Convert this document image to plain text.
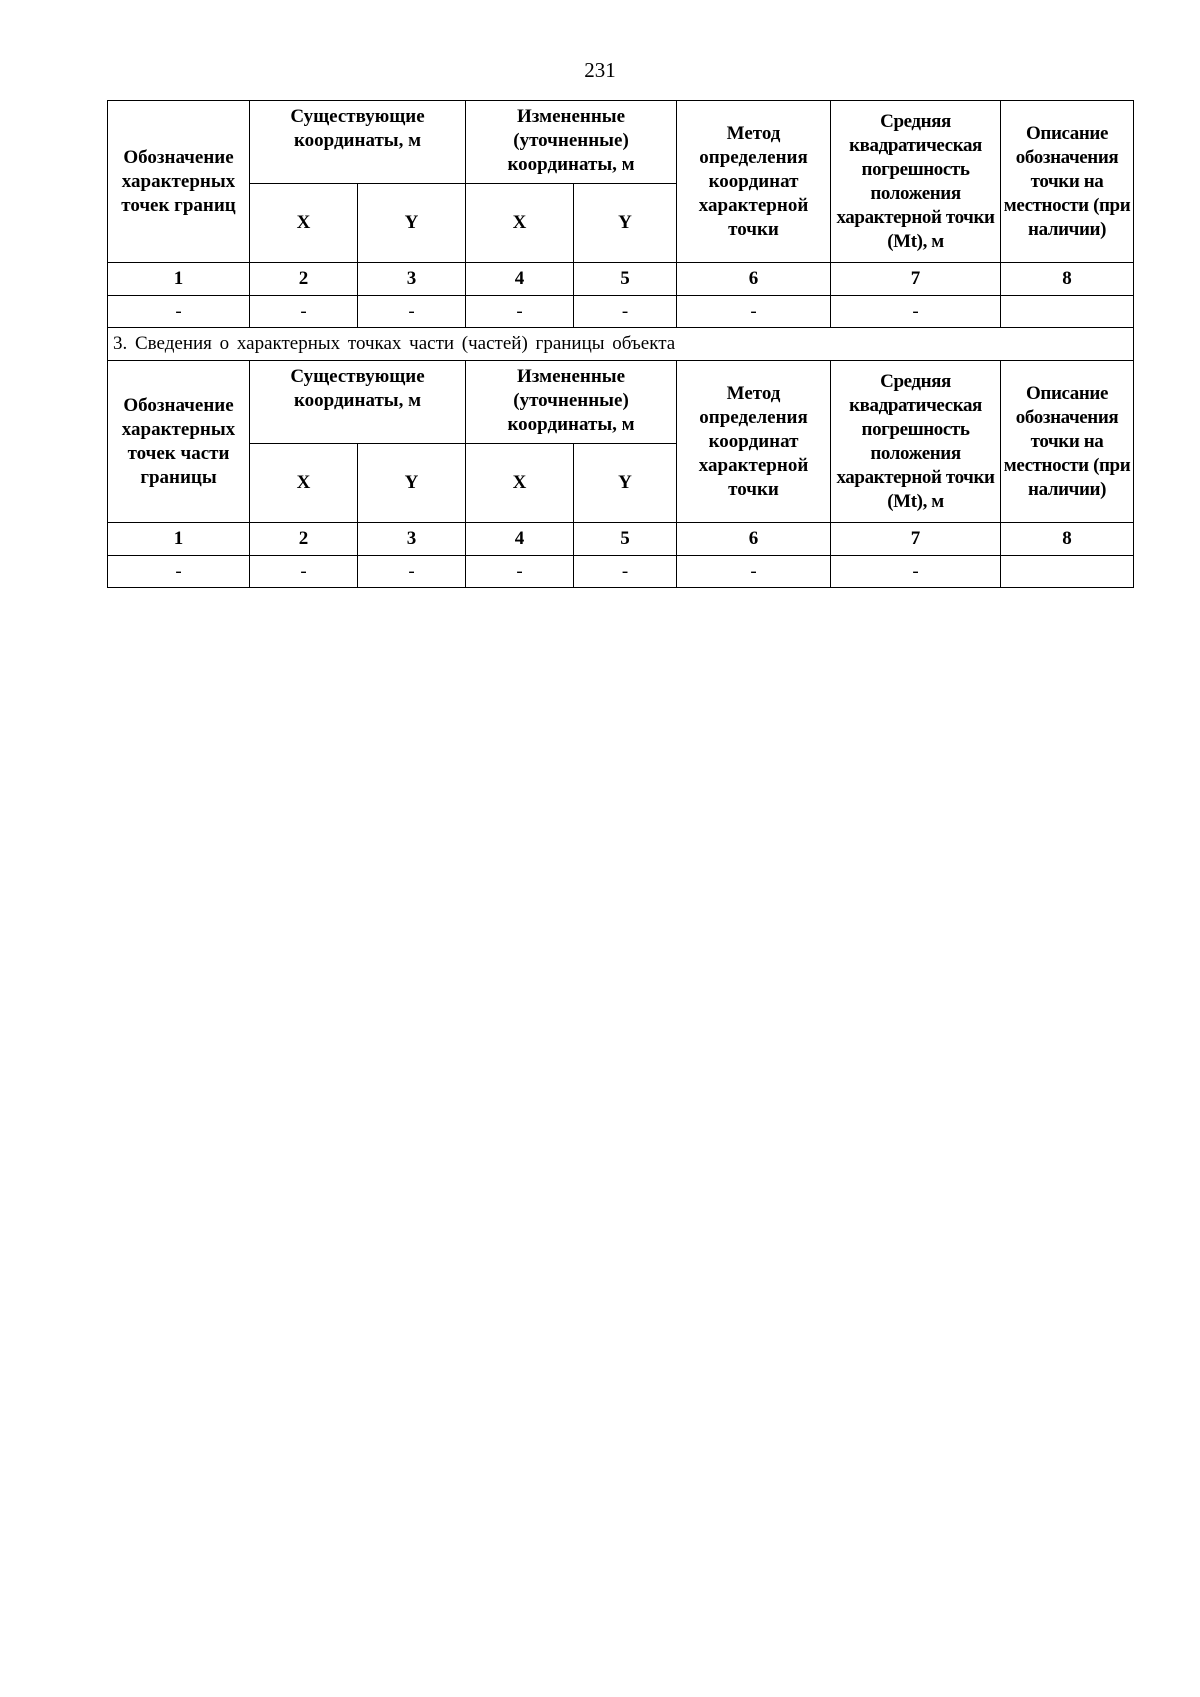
231
Обозначение характерных точек границ	Существующие координаты, м		Измененные (уточненные) координаты, м		Метод определения координат характерной точки	Средняя квадратическая погрешность положения характерной точки (Mt), м	Описание обозначения точки на местности (при наличии)
	X	Y	X	Y			
1	2	3	4	5	6	7	8
-	-	-	-	-	-	-	
3. Сведения о характерных точках части (частей) границы объекта							
Обозначение характерных точек части границы	Существующие координаты, м		Измененные (уточненные) координаты, м		Метод определения координат характерной точки	Средняя квадратическая погрешность положения характерной точки (Mt), м	Описание обозначения точки на местности (при наличии)
	X	Y	X	Y			
1	2	3	4	5	6	7	8
-	-	-	-	-	-	-	
